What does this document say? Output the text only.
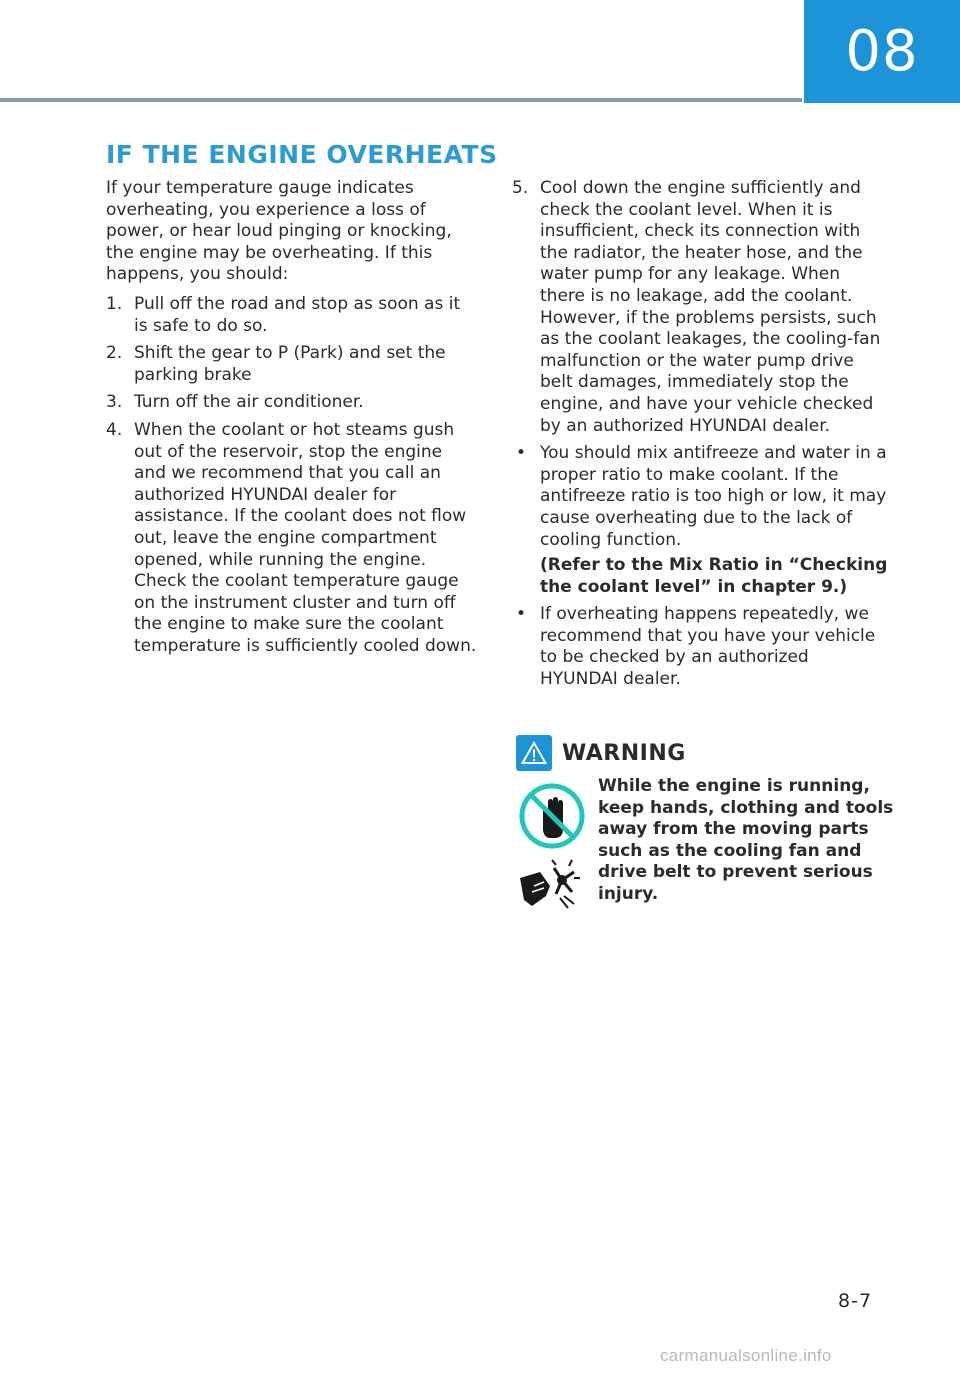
08
IF THE ENGINE OVERHEATS

If your temperature gauge indicates overheating, you experience a loss of power, or hear loud pinging or knocking, the engine may be overheating. If this happens, you should:

1. Pull off the road and stop as soon as it is safe to do so.
2. Shift the gear to P (Park) and set the parking brake
3. Turn off the air conditioner.
4. When the coolant or hot steams gush out of the reservoir, stop the engine and we recommend that you call an authorized HYUNDAI dealer for assistance. If the coolant does not flow out, leave the engine compartment opened, while running the engine. Check the coolant temperature gauge on the instrument cluster and turn off the engine to make sure the coolant temperature is sufficiently cooled down.
5. Cool down the engine sufficiently and check the coolant level. When it is insufficient, check its connection with the radiator, the heater hose, and the water pump for any leakage. When there is no leakage, add the coolant. However, if the problems persists, such as the coolant leakages, the cooling-fan malfunction or the water pump drive belt damages, immediately stop the engine, and have your vehicle checked by an authorized HYUNDAI dealer.
• You should mix antifreeze and water in a proper ratio to make coolant. If the antifreeze ratio is too high or low, it may cause overheating due to the lack of cooling function.

(Refer to the Mix Ratio in “Checking the coolant level” in chapter 9.)

• If overheating happens repeatedly, we recommend that you have your vehicle to be checked by an authorized HYUNDAI dealer.

WARNING

While the engine is running, keep hands, clothing and tools away from the moving parts such as the cooling fan and drive belt to prevent serious injury.

8-7
carmanualsonline.info
